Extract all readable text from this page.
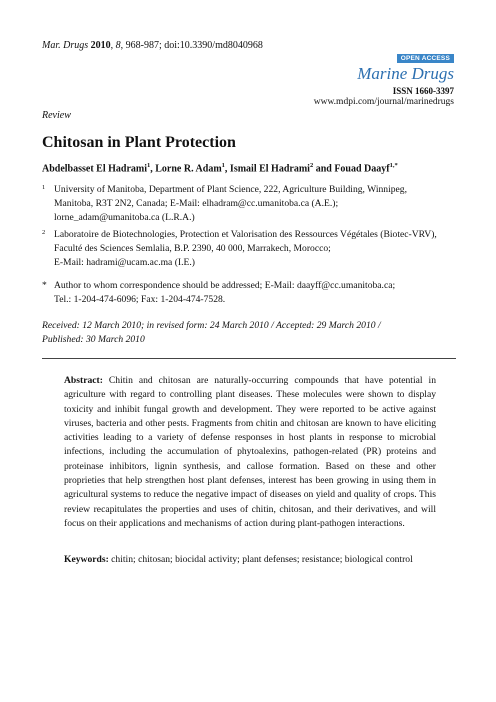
Mar. Drugs 2010, 8, 968-987; doi:10.3390/md8040968
OPEN ACCESS
Marine Drugs
ISSN 1660-3397
www.mdpi.com/journal/marinedrugs
Review
Chitosan in Plant Protection
Abdelbasset El Hadrami$^1$, Lorne R. Adam$^1$, Ismail El Hadrami$^2$ and Fouad Daayf$^{1,*}$
1 University of Manitoba, Department of Plant Science, 222, Agriculture Building, Winnipeg,
Manitoba, R3T 2N2, Canada; E-Mail: elhadram@cc.umanitoba.ca (A.E.);
lorne_adam@umanitoba.ca (L.R.A.)
2 Laboratoire de Biotechnologies, Protection et Valorisation des Ressources Végétales (Biotec-VRV),
Faculté des Sciences Semlalia, B.P. 2390, 40 000, Marrakech, Morocco;
E-Mail: hadrami@ucam.ac.ma (I.E.)
* Author to whom correspondence should be addressed; E-Mail: daayff@cc.umanitoba.ca;
Tel.: 1-204-474-6096; Fax: 1-204-474-7528.
Received: 12 March 2010; in revised form: 24 March 2010 / Accepted: 29 March 2010 /
Published: 30 March 2010
Abstract: Chitin and chitosan are naturally-occurring compounds that have potential in agriculture with regard to controlling plant diseases. These molecules were shown to display toxicity and inhibit fungal growth and development. They were reported to be active against viruses, bacteria and other pests. Fragments from chitin and chitosan are known to have eliciting activities leading to a variety of defense responses in host plants in response to microbial infections, including the accumulation of phytoalexins, pathogen-related (PR) proteins and proteinase inhibitors, lignin synthesis, and callose formation. Based on these and other proprieties that help strengthen host plant defenses, interest has been growing in using them in agricultural systems to reduce the negative impact of diseases on yield and quality of crops. This review recapitulates the properties and uses of chitin, chitosan, and their derivatives, and will focus on their applications and mechanisms of action during plant-pathogen interactions.
Keywords: chitin; chitosan; biocidal activity; plant defenses; resistance; biological control
